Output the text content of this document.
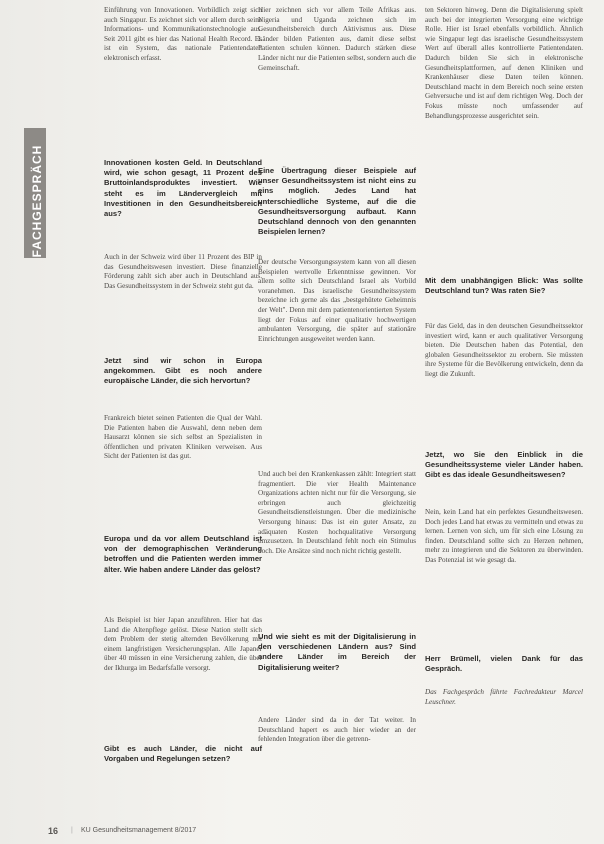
FACHGESPRÄCH

Einführung von Innovationen. Vorbildlich zeigt sich auch Singapur. Es zeichnet sich vor allem durch seine Informations- und Kommunikationstechnologie aus. Seit 2011 gibt es hier das National Health Record. Es ist ein System, das nationale Patientendaten elektronisch erfasst.

Innovationen kosten Geld. In Deutschland wird, wie schon gesagt, 11 Prozent des Bruttoinlandsproduktes investiert. Wie steht es im Ländervergleich mit Investitionen in den Gesundheitsbereich aus?

Auch in der Schweiz wird über 11 Prozent des BIP in das Gesundheitswesen investiert. Diese finanzielle Förderung zahlt sich aber auch in Deutschland aus. Das Gesundheitssystem in der Schweiz steht gut da.

Jetzt sind wir schon in Europa angekommen. Gibt es noch andere europäische Länder, die sich hervortun?

Frankreich bietet seinen Patienten die Qual der Wahl. Die Patienten haben die Auswahl, denn neben dem Hausarzt können sie sich selbst an Spezialisten in öffentlichen und privaten Kliniken verweisen. Aus Sicht der Patienten ist das gut.

Europa und da vor allem Deutschland ist von der demographischen Veränderung betroffen und die Patienten werden immer älter. Wie haben andere Länder das gelöst?

Als Beispiel ist hier Japan anzuführen. Hier hat das Land die Altenpflege gelöst. Diese Nation stellt sich dem Problem der stetig alternden Bevölkerung mit einem langfristigen Versicherungsplan. Alle Japaner über 40 müssen in eine Versicherung zahlen, die über der Ikhurga im Bedarfsfalle versorgt.

Gibt es auch Länder, die nicht auf Vorgaben und Regelungen setzen?

Hier zeichnen sich vor allem Teile Afrikas aus. Nigeria und Uganda zeichnen sich im Gesundheitsbereich durch Aktivismus aus. Diese Länder bilden Patienten aus, damit diese selbst Patienten schulen können. Dadurch stärken diese Länder nicht nur die Patienten selbst, sondern auch die Gemeinschaft.

Eine Übertragung dieser Beispiele auf unser Gesundheitssystem ist nicht eins zu eins möglich. Jedes Land hat unterschiedliche Systeme, auf die die Gesundheitsversorgung aufbaut. Kann Deutschland dennoch von den genannten Beispielen lernen?

Der deutsche Versorgungssystem kann von all diesen Beispielen wertvolle Erkenntnisse gewinnen. Vor allem sollte sich Deutschland Israel als Vorbild voranehmen. Das israelische Gesundheitssystem bezeichne ich gerne als das „bestgehütete Geheimnis der Welt". Denn mit dem patientenorientierten System liegt der Fokus auf einer qualitativ hochwertigen ambulanten Versorgung, die später auf stationäre Einrichtungen ausgeweitet werden kann.

Und auch bei den Krankenkassen zählt: Integriert statt fragmentiert. Die vier Health Maintenance Organizations achten nicht nur für die Versorgung, sie erbringen auch gleichzeitig Gesundheitsdienstleistungen. Über die medizinische Versorgung hinaus: Das ist ein guter Ansatz, zu adäquaten Kosten hochqualitative Versorgung umzusetzen. In Deutschland fehlt noch ein Stimulus noch. Die Ansätze sind noch nicht richtig gestellt.

Und wie sieht es mit der Digitalisierung in den verschiedenen Ländern aus? Sind andere Länder im Bereich der Digitalisierung weiter?

Andere Länder sind da in der Tat weiter. In Deutschland hapert es auch hier wieder an der fehlenden Integration über die getrenn-

ten Sektoren hinweg. Denn die Digitalisierung spielt auch bei der integrierten Versorgung eine wichtige Rolle. Hier ist Israel ebenfalls vorbildlich. Ähnlich wie Singapur legt das israelische Gesundheitssystem Wert auf überall alles kontrollierte Patientendaten. Dadurch bilden Sie sich in elektronische Gesundheitsplattformen, auf denen Kliniken und Krankenhäuser diese Daten teilen können. Deutschland macht in dem Bereich noch seine ersten Gehversuche und ist auf dem richtigen Weg. Doch der Fokus müsste noch umfassender auf Behandlungsprozesse ausgerichtet sein.

Mit dem unabhängigen Blick: Was sollte Deutschland tun? Was raten Sie?

Für das Geld, das in den deutschen Gesundheitssektor investiert wird, kann er auch qualitativer Versorgung bieten. Die Deutschen haben das Potential, den globalen Gesundheitssektor zu erobern. Sie müssten ihre Systeme für die Bevölkerung entwickeln, denn da liegt die Zukunft.

Jetzt, wo Sie den Einblick in die Gesundheitssysteme vieler Länder haben. Gibt es das ideale Gesundheitswesen?

Nein, kein Land hat ein perfektes Gesundheitswesen. Doch jedes Land hat etwas zu vermitteln und etwas zu lernen. Lernen von sich, um für sich eine Lösung zu finden. Deutschland sollte sich zu Herzen nehmen, mehr zu integrieren und die Sektoren zu überwinden. Das Potenzial ist wie gesagt da.

Herr Brümell, vielen Dank für das Gespräch.

Das Fachgespräch führte Fachredakteur Marcel Leuschner.

16 | KU Gesundheitsmanagement 8/2017
